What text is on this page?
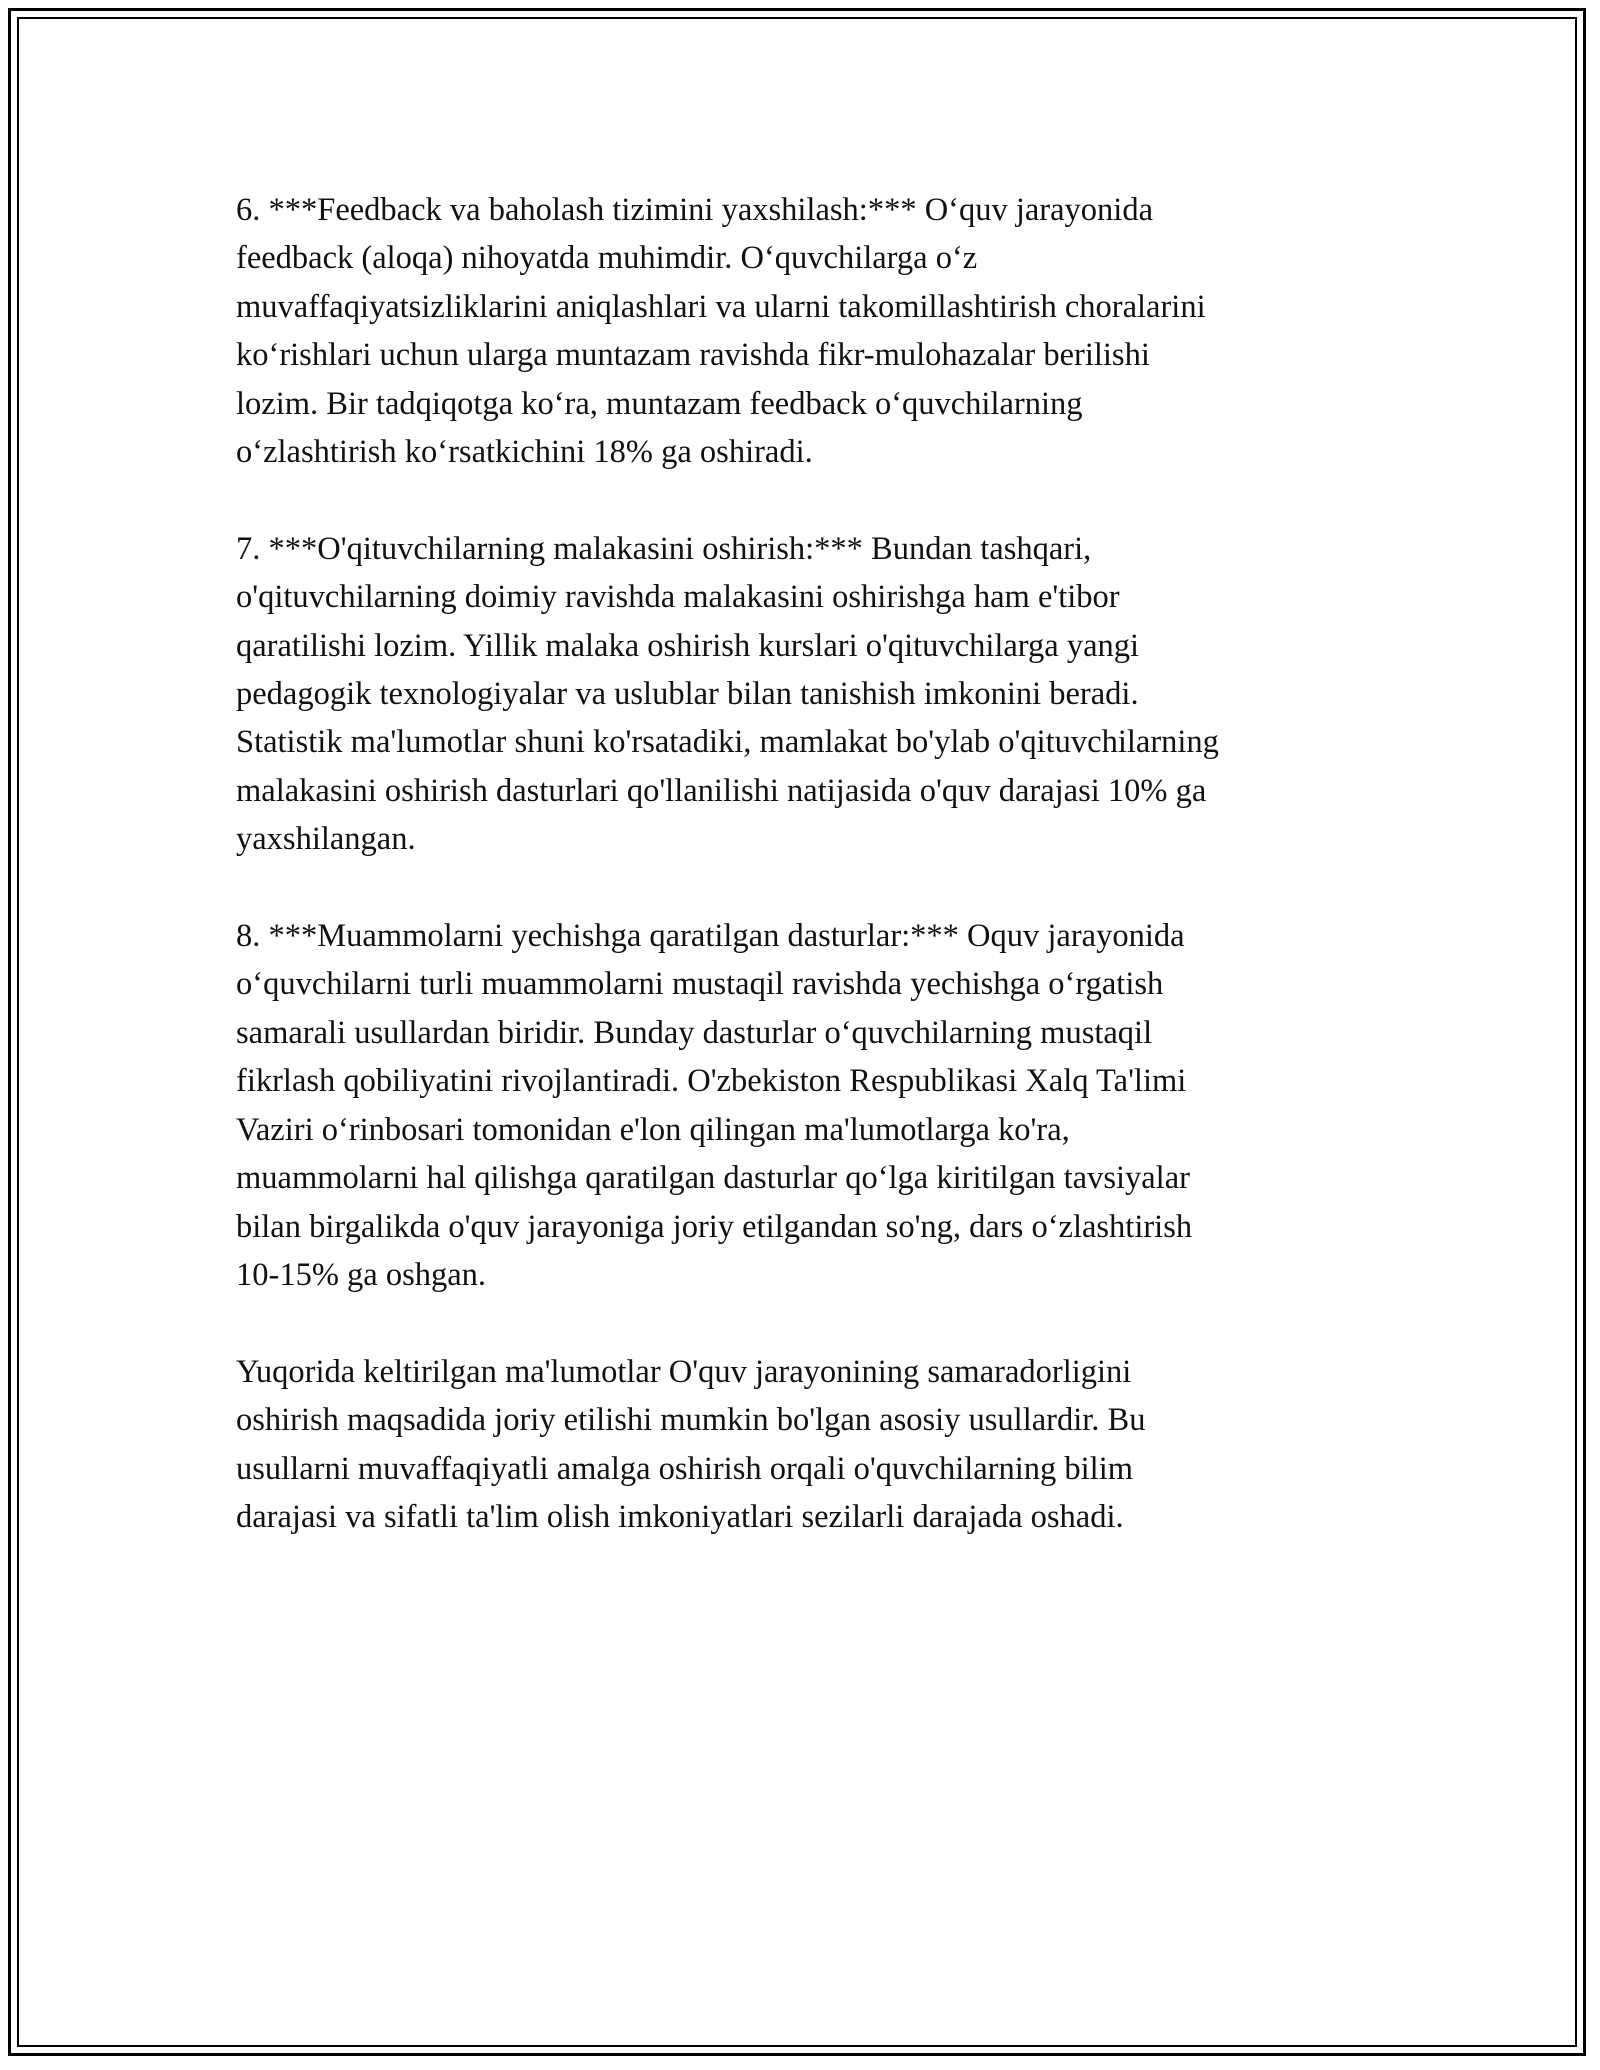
6. ***Feedback va baholash tizimini yaxshilash:*** Oʻquv jarayonida
feedback (aloqa) nihoyatda muhimdir. Oʻquvchilarga oʻz
muvaffaqiyatsizliklarini aniqlashlari va ularni takomillashtirish choralarini
koʻrishlari uchun ularga muntazam ravishda fikr-mulohazalar berilishi
lozim. Bir tadqiqotga koʻra, muntazam feedback oʻquvchilarning
oʻzlashtirish koʻrsatkichini 18% ga oshiradi.

7. ***O'qituvchilarning malakasini oshirish:*** Bundan tashqari,
o'qituvchilarning doimiy ravishda malakasini oshirishga ham e'tibor
qaratilishi lozim. Yillik malaka oshirish kurslari o'qituvchilarga yangi
pedagogik texnologiyalar va uslublar bilan tanishish imkonini beradi.
Statistik ma'lumotlar shuni ko'rsatadiki, mamlakat bo'ylab o'qituvchilarning
malakasini oshirish dasturlari qo'llanilishi natijasida o'quv darajasi 10% ga
yaxshilangan.

8. ***Muammolarni yechishga qaratilgan dasturlar:*** Oquv jarayonida
oʻquvchilarni turli muammolarni mustaqil ravishda yechishga oʻrgatish
samarali usullardan biridir. Bunday dasturlar oʻquvchilarning mustaqil
fikrlash qobiliyatini rivojlantiradi. O'zbekiston Respublikasi Xalq Ta'limi
Vaziri oʻrinbosari tomonidan e'lon qilingan ma'lumotlarga ko'ra,
muammolarni hal qilishga qaratilgan dasturlar qoʻlga kiritilgan tavsiyalar
bilan birgalikda o'quv jarayoniga joriy etilgandan so'ng, dars oʻzlashtirish
10-15% ga oshgan.

Yuqorida keltirilgan ma'lumotlar O'quv jarayonining samaradorligini
oshirish maqsadida joriy etilishi mumkin bo'lgan asosiy usullardir. Bu
usullarni muvaffaqiyatli amalga oshirish orqali o'quvchilarning bilim
darajasi va sifatli ta'lim olish imkoniyatlari sezilarli darajada oshadi.
